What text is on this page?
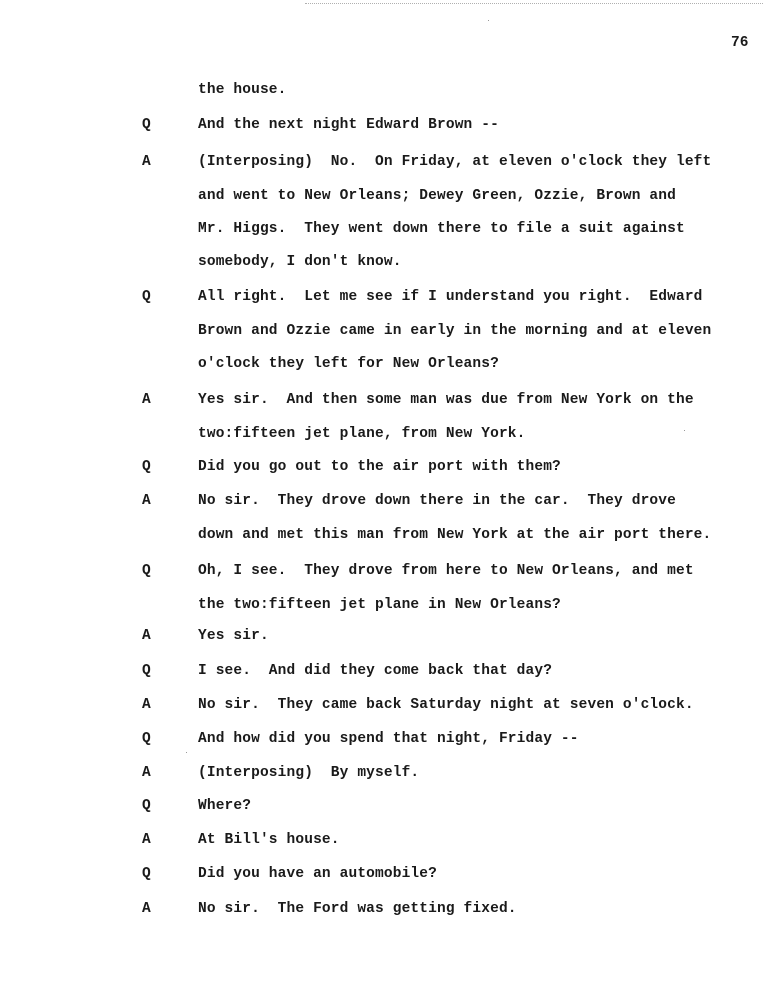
76
the house.
Q	And the next night Edward Brown --
A	(Interposing)  No.  On Friday, at eleven o'clock they left
and went to New Orleans; Dewey Green, Ozzie, Brown and
Mr. Higgs.  They went down there to file a suit against
somebody, I don't know.
Q	All right.  Let me see if I understand you right.  Edward
Brown and Ozzie came in early in the morning and at eleven
o'clock they left for New Orleans?
A	Yes sir.  And then some man was due from New York on the
two:fifteen jet plane, from New York.
Q	Did you go out to the air port with them?
A	No sir.  They drove down there in the car.  They drove
down and met this man from New York at the air port there.
Q	Oh, I see.  They drove from here to New Orleans, and met
the two:fifteen jet plane in New Orleans?
A	Yes sir.
Q	I see.  And did they come back that day?
A	No sir.  They came back Saturday night at seven o'clock.
Q	And how did you spend that night, Friday --
A	(Interposing)  By myself.
Q	Where?
A	At Bill's house.
Q	Did you have an automobile?
A	No sir.  The Ford was getting fixed.
